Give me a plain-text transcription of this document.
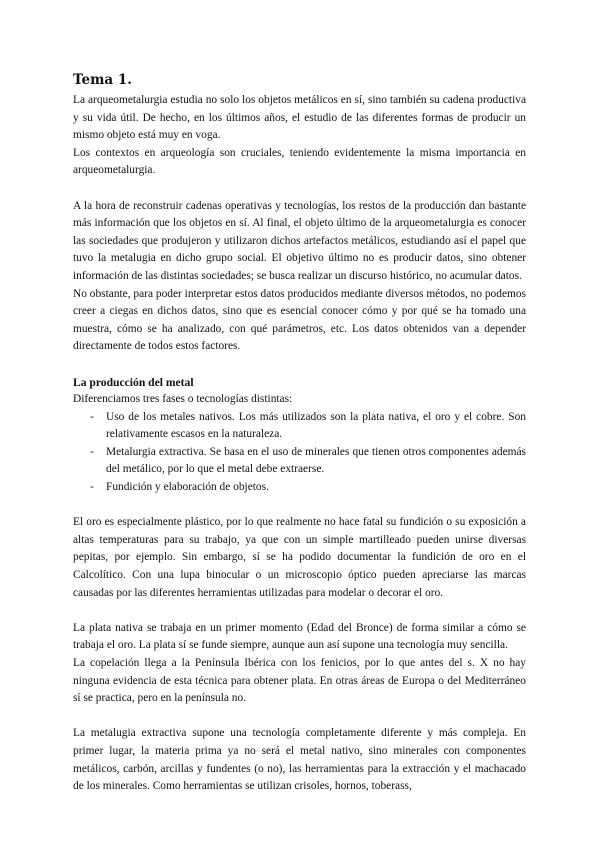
Tema 1.

La arqueometalurgia estudia no solo los objetos metálicos en sí, sino también su cadena productiva y su vida útil. De hecho, en los últimos años, el estudio de las diferentes formas de producir un mismo objeto está muy en voga.

Los contextos en arqueología son cruciales, teniendo evidentemente la misma importancia en arqueometalurgia.

A la hora de reconstruir cadenas operativas y tecnologías, los restos de la producción dan bastante más información que los objetos en sí. Al final, el objeto último de la arqueometalurgia es conocer las sociedades que produjeron y utilizaron dichos artefactos metálicos, estudiando así el papel que tuvo la metalugia en dicho grupo social. El objetivo último no es producir datos, sino obtener información de las distintas sociedades; se busca realizar un discurso histórico, no acumular datos.

No obstante, para poder interpretar estos datos producidos mediante diversos métodos, no podemos creer a ciegas en dichos datos, sino que es esencial conocer cómo y por qué se ha tomado una muestra, cómo se ha analizado, con qué parámetros, etc. Los datos obtenidos van a depender directamente de todos estos factores.

La producción del metal

Diferenciamos tres fases o tecnologías distintas:

- Uso de los metales nativos. Los más utilizados son la plata nativa, el oro y el cobre. Son relativamente escasos en la naturaleza.
- Metalurgia extractiva. Se basa en el uso de minerales que tienen otros componentes además del metálico, por lo que el metal debe extraerse.
- Fundición y elaboración de objetos.

El oro es especialmente plástico, por lo que realmente no hace fatal su fundición o su exposición a altas temperaturas para su trabajo, ya que con un simple martilleado pueden unirse diversas pepitas, por ejemplo. Sin embargo, sí se ha podido documentar la fundición de oro en el Calcolítico. Con una lupa binocular o un microscopio óptico pueden apreciarse las marcas causadas por las diferentes herramientas utilizadas para modelar o decorar el oro.

La plata nativa se trabaja en un primer momento (Edad del Bronce) de forma similar a cómo se trabaja el oro. La plata sí se funde siempre, aunque aun así supone una tecnología muy sencilla.

La copelación llega a la Península Ibérica con los fenicios, por lo que antes del s. X no hay ninguna evidencia de esta técnica para obtener plata. En otras áreas de Europa o del Mediterráneo sí se practica, pero en la península no.

La metalugia extractiva supone una tecnología completamente diferente y más compleja. En primer lugar, la materia prima ya no será el metal nativo, sino minerales con componentes metálicos, carbón, arcillas y fundentes (o no), las herramientas para la extracción y el machacado de los minerales. Como herramientas se utilizan crisoles, hornos, toberass,
